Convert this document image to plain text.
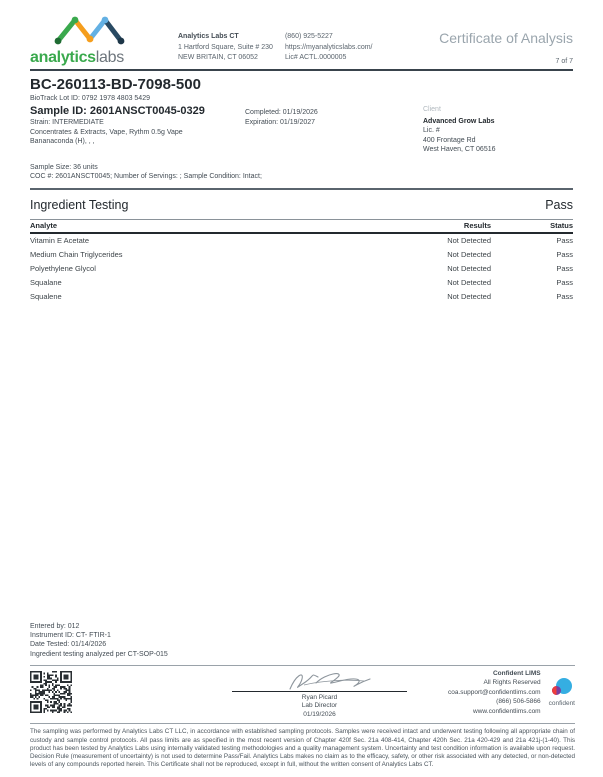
analyticslabs
Analytics Labs CT
1 Hartford Square, Suite # 230
NEW BRITAIN, CT 06052
(860) 925-5227
https://myanalyticslabs.com/
Lic# ACTL.0000005
Certificate of Analysis
7 of 7
BC-260113-BD-7098-500
BioTrack Lot ID: 0792 1978 4803 5429
Sample ID: 2601ANSCT0045-0329
Strain: INTERMEDIATE
Concentrates & Extracts, Vape, Rythm 0.5g Vape
Bananaconda (H), , ,
Completed: 01/19/2026
Expiration: 01/19/2027
Client
Advanced Grow Labs
Lic. #
400 Frontage Rd
West Haven, CT 06516
Sample Size: 36 units
COC #: 2601ANSCT0045; Number of Servings: ; Sample Condition: Intact;
Ingredient Testing	Pass
Analyte	Results	Status
Vitamin E Acetate	Not Detected	Pass
Medium Chain Triglycerides	Not Detected	Pass
Polyethylene Glycol	Not Detected	Pass
Squalane	Not Detected	Pass
Squalene	Not Detected	Pass
Entered by: 012
Instrument ID: CT- FTIR-1
Date Tested: 01/14/2026
Ingredient testing analyzed per CT-SOP-015
Ryan Picard
Lab Director
01/19/2026
Confident LIMS
All Rights Reserved
coa.support@confidentlims.com
(866) 506-5866
www.confidentlims.com
confident
The sampling was performed by Analytics Labs CT LLC, in accordance with established sampling protocols. Samples were received intact and underwent testing following all appropriate chain of custody and sample control protocols. All pass limits are as specified in the most recent version of Chapter 420f Sec. 21a 408-414, Chapter 420h Sec. 21a 420-429 and 21a 421j-(1-40). This product has been tested by Analytics Labs using internally validated testing methodologies and a quality management system. Uncertainty and test condition information is available upon request. Decision Rule (measurement of uncertainty) is not used to determine Pass/Fail. Analytics Labs makes no claim as to the efficacy, safety, or other risk associated with any detected, or non-detected levels of any compounds reported herein. This Certificate shall not be reproduced, except in full, without the written consent of Analytics Labs CT.
